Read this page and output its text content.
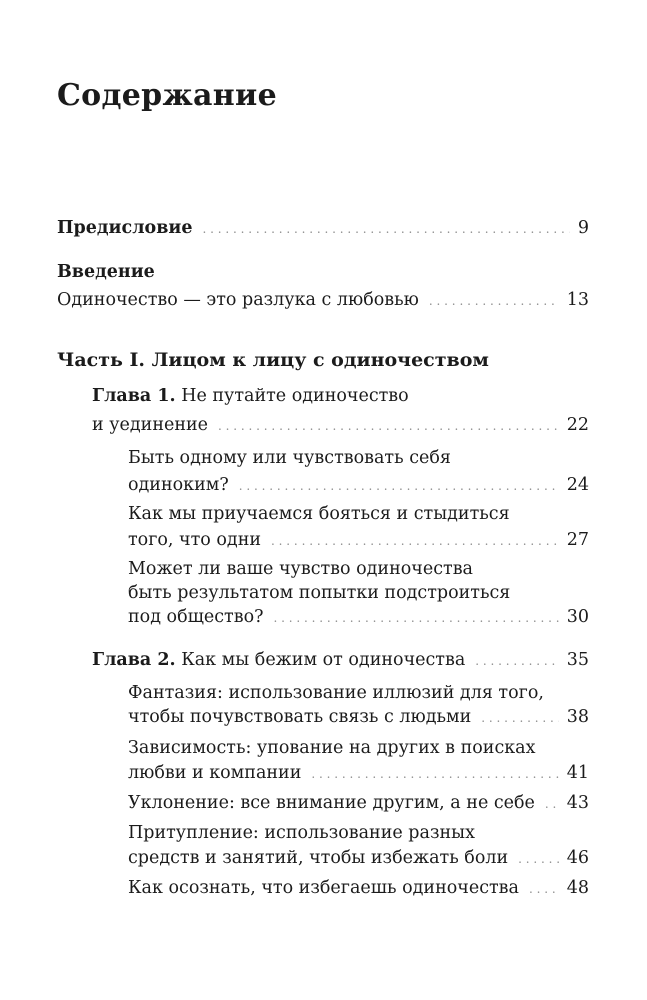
Содержание
Предисловие . . .	9
Введение
Одиночество — это разлука с любовью . . .	13
Часть I. Лицом к лицу с одиночеством
Глава 1. Не путайте одиночество
и уединение . . .	22
Быть одному или чувствовать себя
одиноким? . . .	24
Как мы приучаемся бояться и стыдиться
того, что одни . . .	27
Может ли ваше чувство одиночества
быть результатом попытки подстроиться
под общество? . . .	30
Глава 2. Как мы бежим от одиночества . . .	35
Фантазия: использование иллюзий для того,
чтобы почувствовать связь с людьми . . .	38
Зависимость: упование на других в поисках
любви и компании . . .	41
Уклонение: все внимание другим, а не себе . . . 43
Притупление: использование разных
средств и занятий, чтобы избежать боли . . .	46
Как осознать, что избегаешь одиночества . . .	48
